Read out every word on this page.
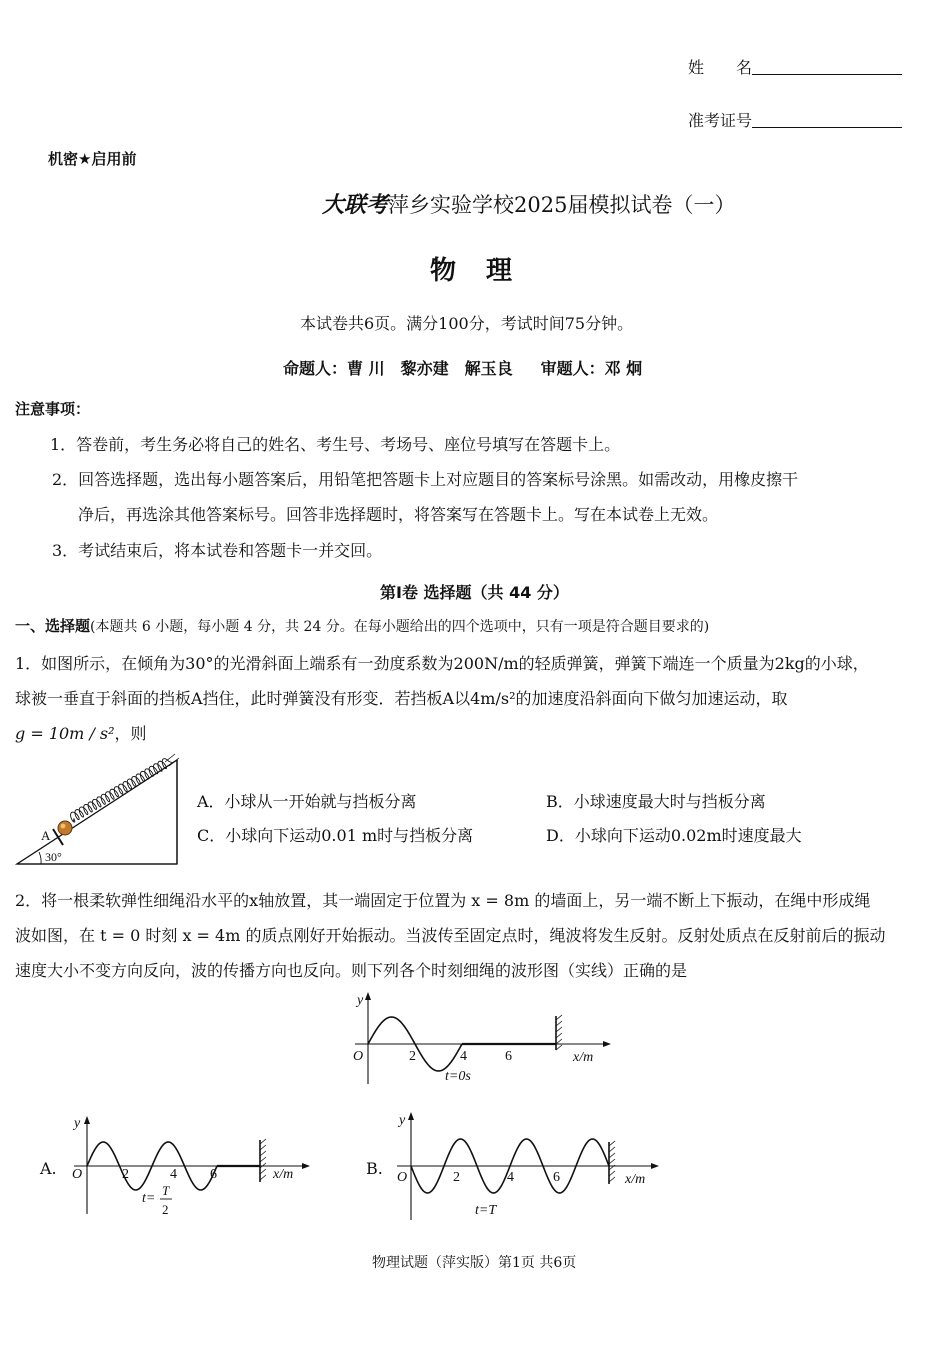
姓　　名
准考证号
机密★启用前
大联考萍乡实验学校2025届模拟试卷（一）
物　理
本试卷共6页。满分100分，考试时间75分钟。
命题人：曹 川　黎亦建　解玉良 审题人：邓 炯
注意事项：
1．答卷前，考生务必将自己的姓名、考生号、考场号、座位号填写在答题卡上。
2．回答选择题，选出每小题答案后，用铅笔把答题卡上对应题目的答案标号涂黑。如需改动，用橡皮擦干
净后，再选涂其他答案标号。回答非选择题时，将答案写在答题卡上。写在本试卷上无效。
3．考试结束后，将本试卷和答题卡一并交回。
第Ⅰ卷 选择题（共 44 分）
一、选择题(本题共 6 小题，每小题 4 分，共 24 分。在每小题给出的四个选项中，只有一项是符合题目要求的)
1．如图所示，在倾角为30°的光滑斜面上端系有一劲度系数为200N/m的轻质弹簧，弹簧下端连一个质量为2kg的小球，
球被一垂直于斜面的挡板A挡住，此时弹簧没有形变．若挡板A以4m/s²的加速度沿斜面向下做匀加速运动，取
g = 10m / s²，则
A
30°
A．小球从一开始就与挡板分离	B．小球速度最大时与挡板分离
C．小球向下运动0.01 m时与挡板分离	D．小球向下运动0.02m时速度最大
2．将一根柔软弹性细绳沿水平的x轴放置，其一端固定于位置为 x = 8m 的墙面上，另一端不断上下振动，在绳中形成绳
波如图，在 t = 0 时刻 x = 4m 的质点刚好开始振动。当波传至固定点时，绳波将发生反射。反射处质点在反射前后的振动
速度大小不变方向反向，波的传播方向也反向。则下列各个时刻细绳的波形图（实线）正确的是
y
O	2	4	6	x/m
t=0s
A.
y
O	2	4 6	x/m
t=
T
2
B.
y
O	2	4	6	x/m
t=T
物理试题（萍实版）第1页 共6页
